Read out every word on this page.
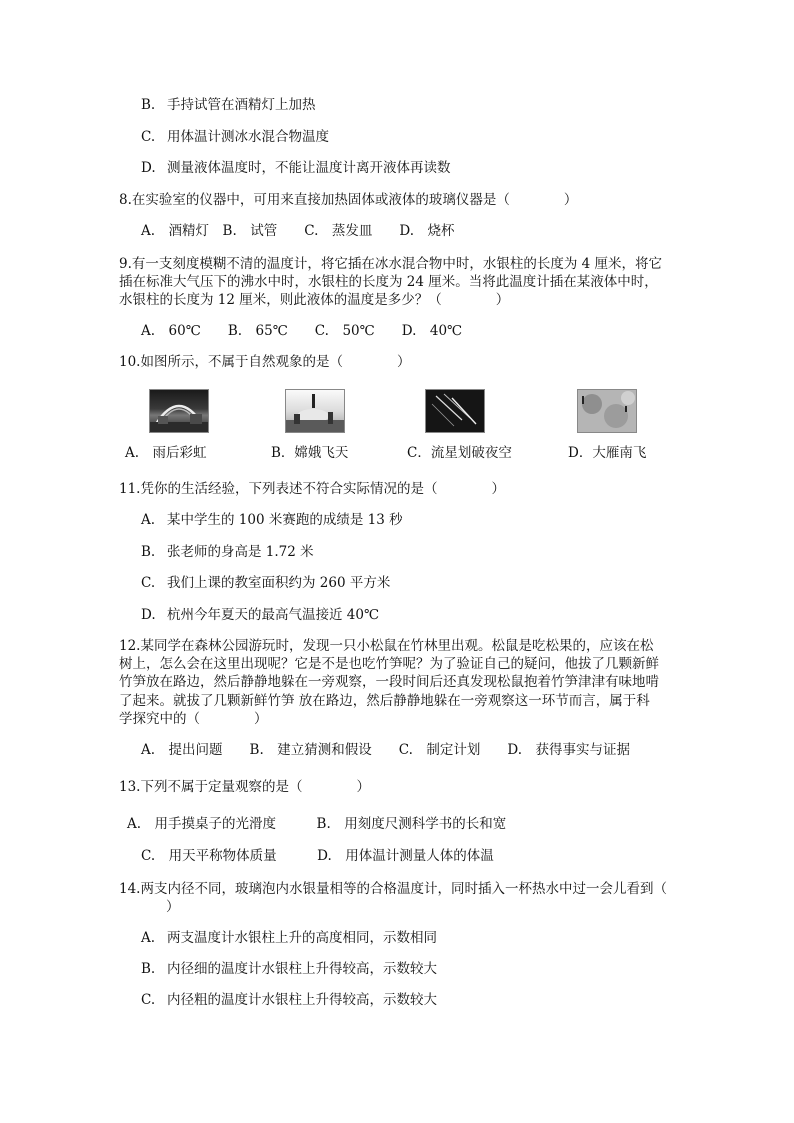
B. 手持试管在酒精灯上加热
C. 用体温计测冰水混合物温度
D. 测量液体温度时，不能让温度计离开液体再读数
8.在实验室的仪器中，可用来直接加热固体或液体的玻璃仪器是（　　　　）
A.　酒精灯　B.　试管　　C.　蒸发皿　　D.　烧杯
9.有一支刻度模糊不清的温度计，将它插在冰水混合物中时，水银柱的长度为 4 厘米，将它
插在标准大气压下的沸水中时，水银柱的长度为 24 厘米。当将此温度计插在某液体中时，
水银柱的长度为 12 厘米，则此液体的温度是多少？（　　　　）
A.　60℃　　B.　65℃　　C.　50℃　　D.　40℃
10.如图所示，不属于自然观象的是（　　　　）
A.　雨后彩虹	B．嫦娥飞天	C．流星划破夜空	D．大雁南飞
11.凭你的生活经验，下列表述不符合实际情况的是（　　　　）
A. 某中学生的 100 米赛跑的成绩是 13 秒
B. 张老师的身高是 1.72 米
C. 我们上课的教室面积约为 260 平方米
D. 杭州今年夏天的最高气温接近 40℃
12.某同学在森林公园游玩时，发现一只小松鼠在竹林里出观。松鼠是吃松果的，应该在松
树上，怎么会在这里出现呢？它是不是也吃竹笋呢？为了验证自己的疑问，他拔了几颗新鲜
竹笋放在路边，然后静静地躲在一旁观察，一段时间后还真发现松鼠抱着竹笋津津有味地啃
了起来。就拔了几颗新鲜竹笋 放在路边，然后静静地躲在一旁观察这一环节而言，属于科
学探究中的（　　　　）
A.　提出问题　　B.　建立猜测和假设　　C.　制定计划　　D.　获得事实与证据
13.下列不属于定量观察的是（　　　　）
A.　用手摸桌子的光滑度　　　B.　用刻度尺测科学书的长和宽
C.　用天平称物体质量　　　D.　用体温计测量人体的体温
14.两支内径不同，玻璃泡内水银量相等的合格温度计，同时插入一杯热水中过一会儿看到（
）
A. 两支温度计水银柱上升的高度相同，示数相同
B. 内径细的温度计水银柱上升得较高，示数较大
C. 内径粗的温度计水银柱上升得较高，示数较大
